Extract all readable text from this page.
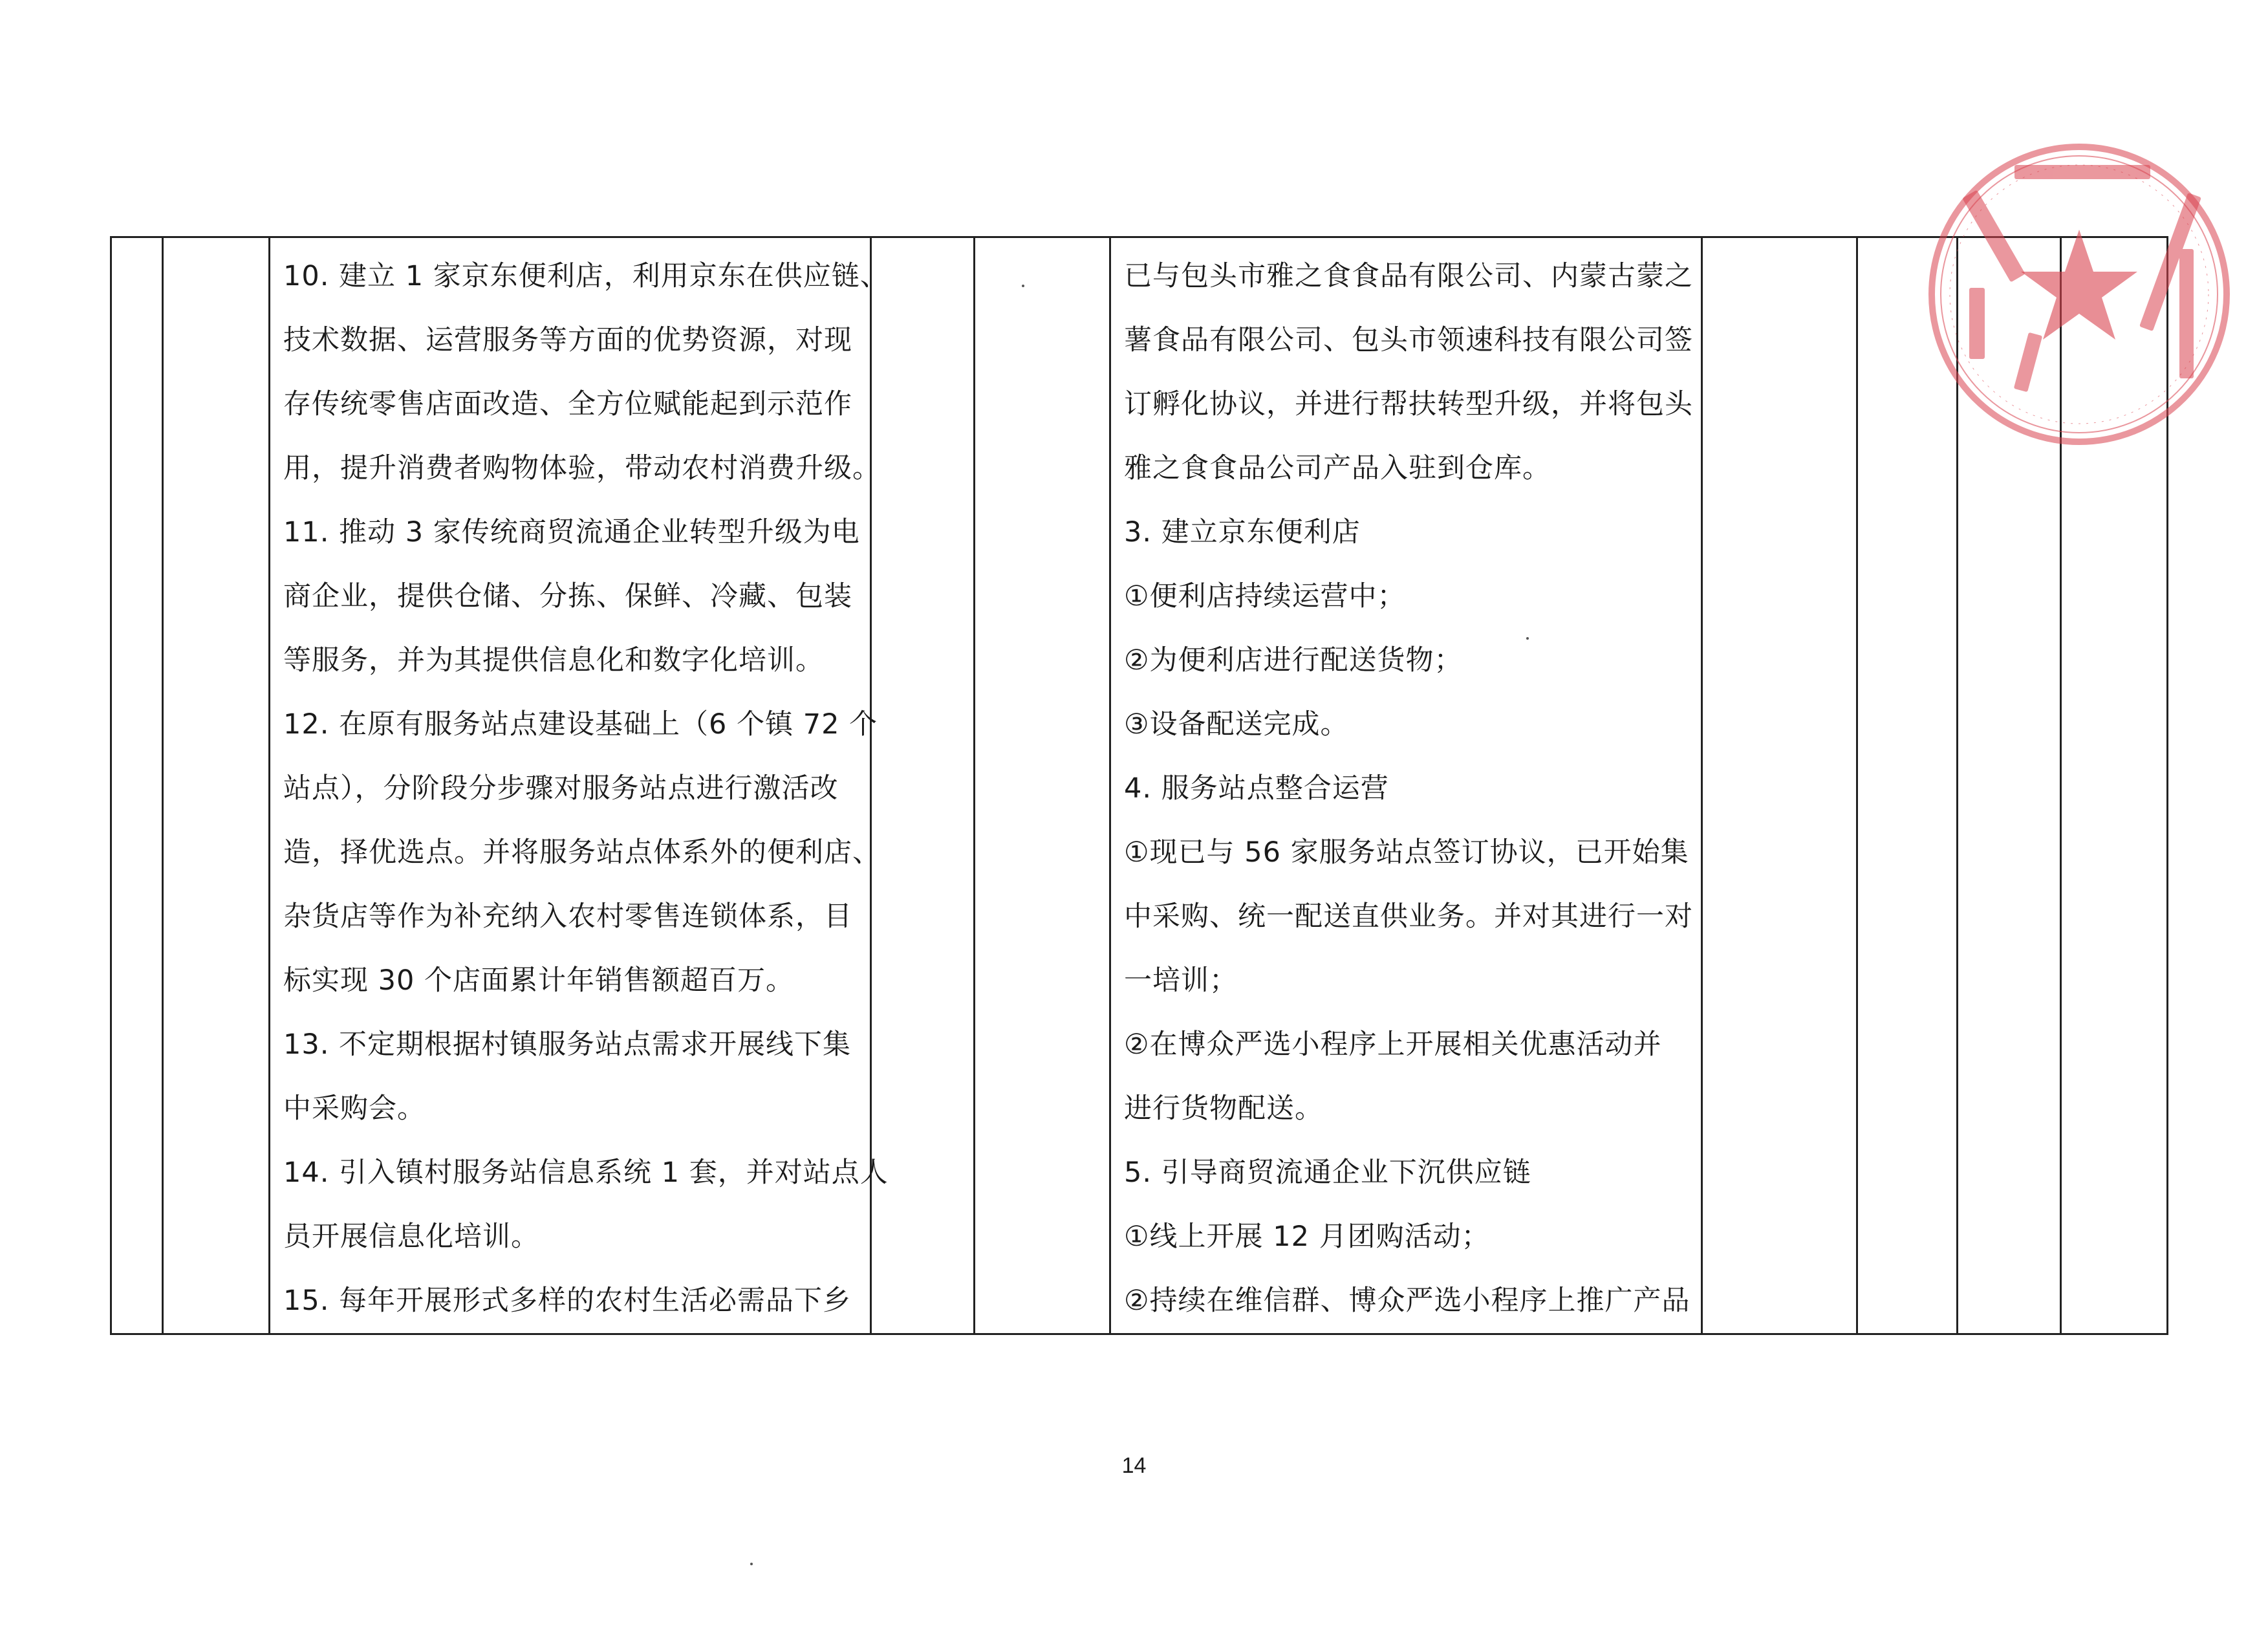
10. 建立 1 家京东便利店，利用京东在供应链、
技术数据、运营服务等方面的优势资源，对现
存传统零售店面改造、全方位赋能起到示范作
用，提升消费者购物体验，带动农村消费升级。
11. 推动 3 家传统商贸流通企业转型升级为电
商企业，提供仓储、分拣、保鲜、冷藏、包装
等服务，并为其提供信息化和数字化培训。
12. 在原有服务站点建设基础上（6 个镇 72 个
站点），分阶段分步骤对服务站点进行激活改
造，择优选点。并将服务站点体系外的便利店、
杂货店等作为补充纳入农村零售连锁体系，目
标实现 30 个店面累计年销售额超百万。
13. 不定期根据村镇服务站点需求开展线下集
中采购会。
14. 引入镇村服务站信息系统 1 套，并对站点人
员开展信息化培训。
15. 每年开展形式多样的农村生活必需品下乡

已与包头市雅之食食品有限公司、内蒙古蒙之
薯食品有限公司、包头市领速科技有限公司签
订孵化协议，并进行帮扶转型升级，并将包头
雅之食食品公司产品入驻到仓库。
3. 建立京东便利店
①便利店持续运营中；
②为便利店进行配送货物；
③设备配送完成。
4. 服务站点整合运营
①现已与 56 家服务站点签订协议，已开始集
中采购、统一配送直供业务。并对其进行一对
一培训；
②在博众严选小程序上开展相关优惠活动并
进行货物配送。
5. 引导商贸流通企业下沉供应链
①线上开展 12 月团购活动；
②持续在维信群、博众严选小程序上推广产品

14
